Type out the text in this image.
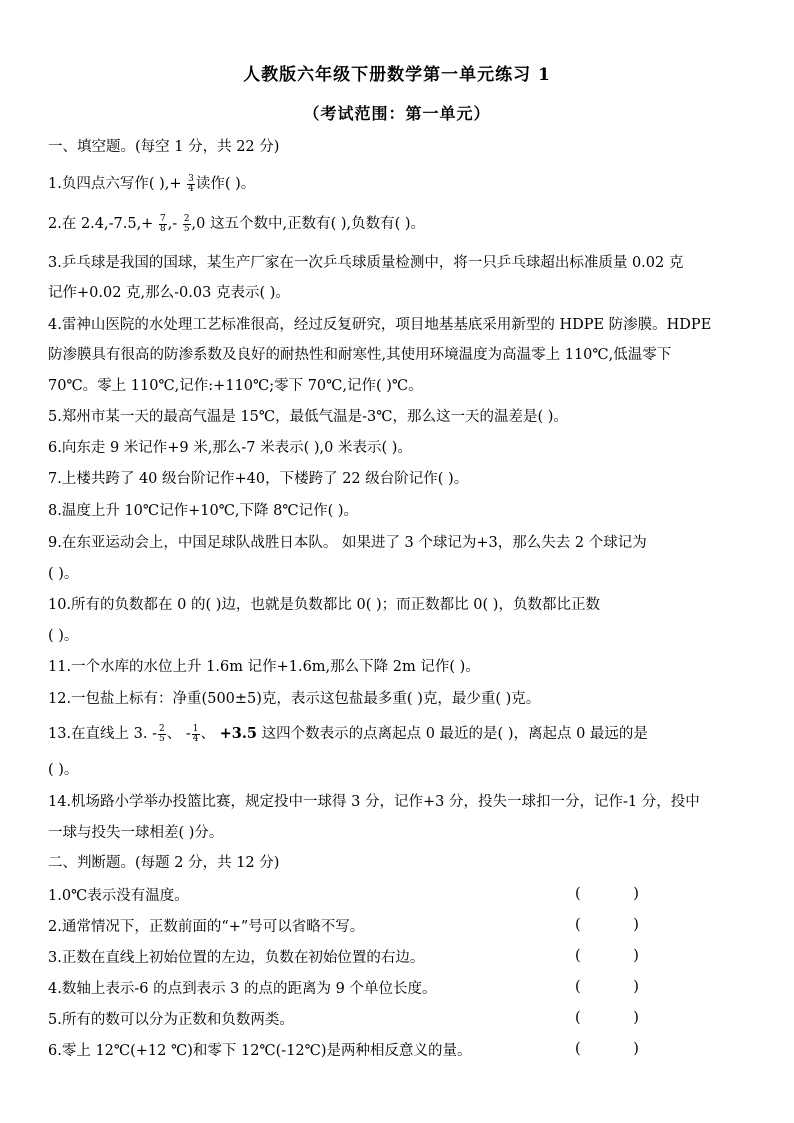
人教版六年级下册数学第一单元练习 1
（考试范围：第一单元）
一、填空题。(每空 1 分，共 22 分)
1.负四点六写作( ),+ $\frac{3}{4}$ 读作( )。
2.在 $2.4,-7.5,+ \frac{7}{8}$ ,- $\frac{2}{5} ,0$ 这五个数中,正数有( ),负数有( )。
3.乒乓球是我国的国球，某生产厂家在一次乒乓球质量检测中，将一只乒乓球超出标准质量 0.02 克
记作+0.02 克,那么-0.03 克表示( )。
4.雷神山医院的水处理工艺标准很高，经过反复研究，项目地基基底采用新型的 HDPE 防渗膜。HDPE
防渗膜具有很高的防渗系数及良好的耐热性和耐寒性,其使用环境温度为高温零上 110℃,低温零下
70℃。零上 110℃,记作:+110℃;零下 70℃,记作( )℃。
5.郑州市某一天的最高气温是 15℃，最低气温是-3℃，那么这一天的温差是( )。
6.向东走 9 米记作+9 米,那么-7 米表示( ),0 米表示( )。
7.上楼共跨了 40 级台阶记作+40，下楼跨了 22 级台阶记作( )。
8.温度上升 10℃记作+10℃,下降 8℃记作( )。
9.在东亚运动会上，中国足球队战胜日本队。 如果进了 3 个球记为+3，那么失去 2 个球记为
( )。
10.所有的负数都在 0 的( )边，也就是负数都比 0( )；而正数都比 0( )，负数都比正数
( )。
11.一个水库的水位上升 1.6m 记作+1.6m,那么下降 2m 记作( )。
12.一包盐上标有：净重(500±5)克，表示这包盐最多重( )克，最少重( )克。
13.在直线上 3. - $\frac{2}{5}$ 、 - $\frac{1}{4}$ 、 +3.5 这四个数表示的点离起点 0 最近的是( )，离起点 0 最远的是
( )。
14.机场路小学举办投篮比赛，规定投中一球得 3 分，记作+3 分，投失一球扣一分，记作-1 分，投中
一球与投失一球相差( )分。
二、判断题。(每题 2 分，共 12 分)
1.0℃表示没有温度。	( )
2.通常情况下，正数前面的“+”号可以省略不写。	( )
3.正数在直线上初始位置的左边，负数在初始位置的右边。	( )
4.数轴上表示-6 的点到表示 3 的点的距离为 9 个单位长度。	( )
5.所有的数可以分为正数和负数两类。	( )
6.零上 12℃(+12 ℃)和零下 12℃(-12℃)是两种相反意义的量。	( )
